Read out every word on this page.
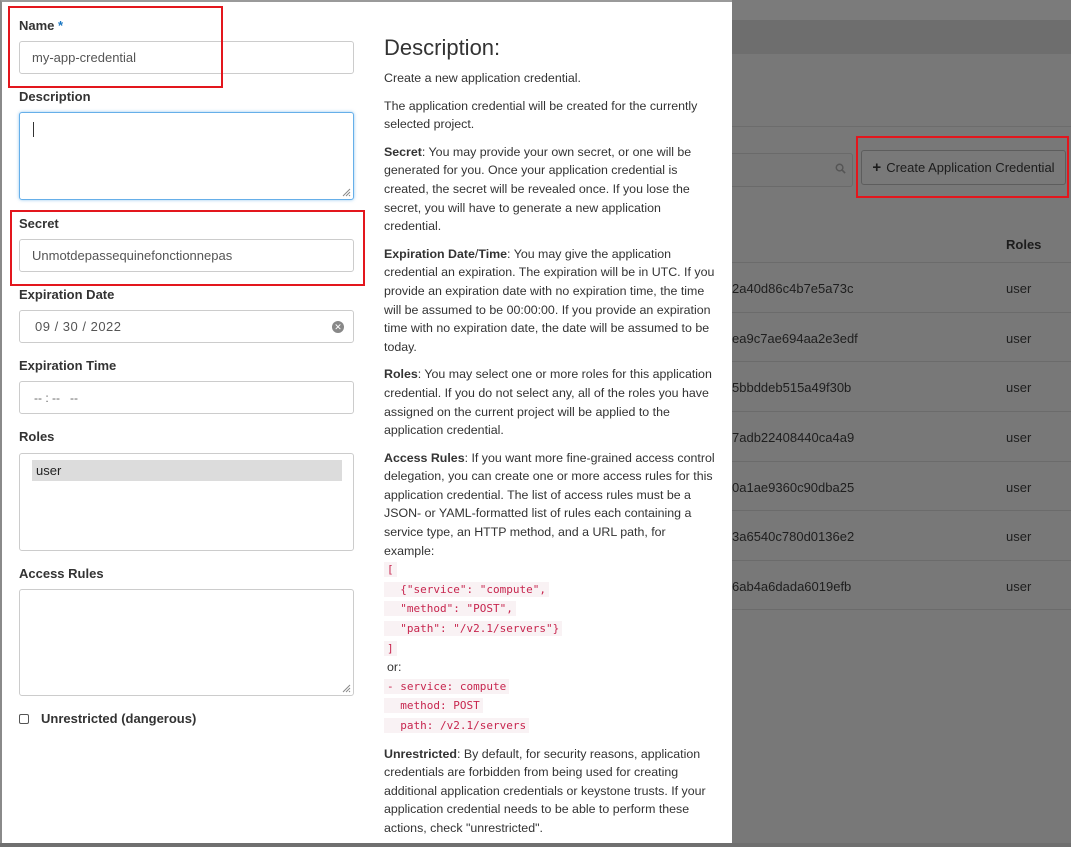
+ Create Application Credential
Roles
2a40d86c4b7e5a73c	user
ea9c7ae694aa2e3edf	user
5bbddeb515a49f30b	user
7adb22408440ca4a9	user
0a1ae9360c90dba25	user
3a6540c780d0136e2	user
6ab4a6dada6019efb	user
Name *
my-app-credential
Description
Secret
Unmotdepassequinefonctionnepas
Expiration Date
09 / 30 / 2022	✕
Expiration Time
-- : --   --
Roles
user
Access Rules
Unrestricted (dangerous)
Description:

Create a new application credential.

The application credential will be created for the currently selected project.

Secret: You may provide your own secret, or one will be generated for you. Once your application credential is created, the secret will be revealed once. If you lose the secret, you will have to generate a new application credential.

Expiration Date/Time: You may give the application credential an expiration. The expiration will be in UTC. If you provide an expiration date with no expiration time, the time will be assumed to be 00:00:00. If you provide an expiration time with no expiration date, the date will be assumed to be today.

Roles: You may select one or more roles for this application credential. If you do not select any, all of the roles you have assigned on the current project will be applied to the application credential.

Access Rules: If you want more fine-grained access control delegation, you can create one or more access rules for this application credential. The list of access rules must be a JSON- or YAML-formatted list of rules each containing a service type, an HTTP method, and a URL path, for example:

[
{"service": "compute",
"method": "POST",
"path": "/v2.1/servers"}
]
or:
- service: compute
method: POST
path: /v2.1/servers

Unrestricted: By default, for security reasons, application credentials are forbidden from being used for creating additional application credentials or keystone trusts. If your application credential needs to be able to perform these actions, check "unrestricted".
